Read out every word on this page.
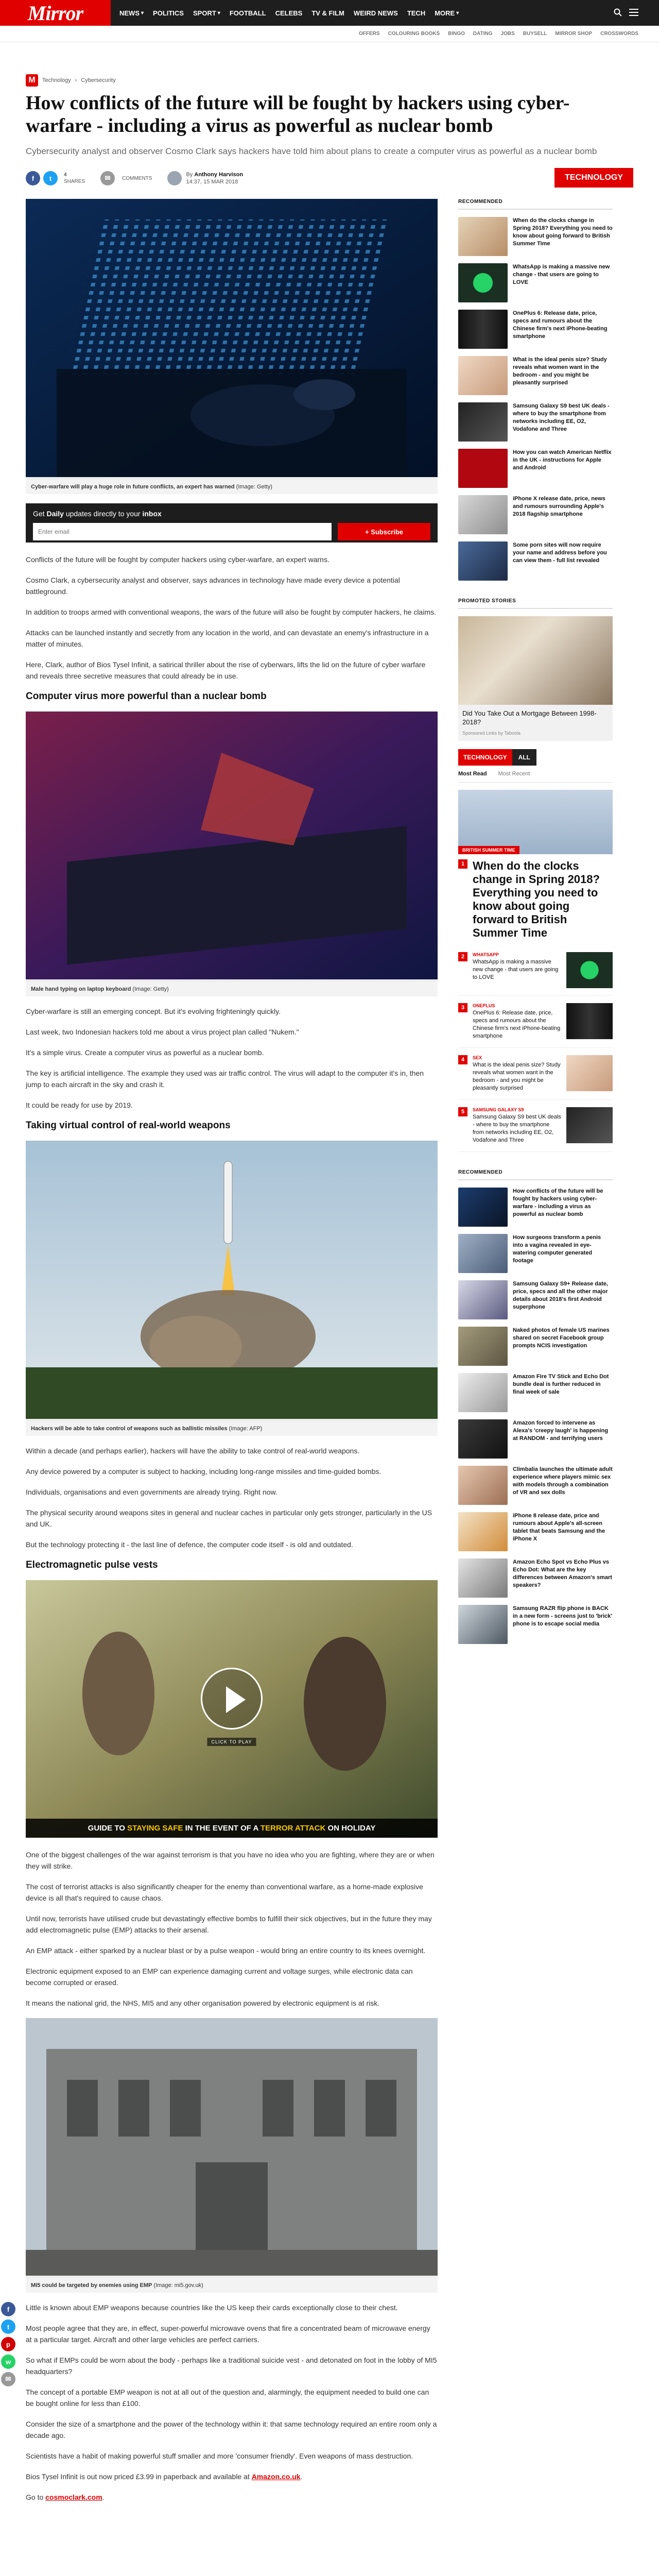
Mirror	NEWS ▾	POLITICS	SPORT ▾	FOOTBALL	CELEBS	TV & FILM	WEIRD NEWS	TECH	MORE ▾
OFFERS COLOURING BOOKS BINGO DATING JOBS BUYSELL MIRROR SHOP CROSSWORDS
M	Technology › Cybersecurity
How conflicts of the future will be fought by hackers using cyber-warfare - including a virus as powerful as nuclear bomb

Cybersecurity analyst and observer Cosmo Clark says hackers have told him about plans to create a computer virus as powerful as a nuclear bomb

f	t	4
SHARES	✉	COMMENTS
By Anthony Harvison
14:37, 15 MAR 2018	TECHNOLOGY
Cyber-warfare will play a huge role in future conflicts, an expert has warned (Image: Getty)
Get Daily updates directly to your inbox
Enter email
+ Subscribe

Conflicts of the future will be fought by computer hackers using cyber-warfare, an expert warns.

Cosmo Clark, a cybersecurity analyst and observer, says advances in technology have made every device a potential battleground.

In addition to troops armed with conventional weapons, the wars of the future will also be fought by computer hackers, he claims.

Attacks can be launched instantly and secretly from any location in the world, and can devastate an enemy's infrastructure in a matter of minutes.

Here, Clark, author of Bios Tysel Infinit, a satirical thriller about the rise of cyberwars, lifts the lid on the future of cyber warfare and reveals three secretive measures that could already be in use.

Computer virus more powerful than a nuclear bomb
Male hand typing on laptop keyboard (Image: Getty)

Cyber-warfare is still an emerging concept. But it's evolving frighteningly quickly.

Last week, two Indonesian hackers told me about a virus project plan called "Nukem."

It's a simple virus. Create a computer virus as powerful as a nuclear bomb.

The key is artificial intelligence. The example they used was air traffic control. The virus will adapt to the computer it's in, then jump to each aircraft in the sky and crash it.

It could be ready for use by 2019.

Taking virtual control of real-world weapons
Hackers will be able to take control of weapons such as ballistic missiles (Image: AFP)

Within a decade (and perhaps earlier), hackers will have the ability to take control of real-world weapons.

Any device powered by a computer is subject to hacking, including long-range missiles and time-guided bombs.

Individuals, organisations and even governments are already trying. Right now.

The physical security around weapons sites in general and nuclear caches in particular only gets stronger, particularly in the US and UK.

But the technology protecting it - the last line of defence, the computer code itself - is old and outdated.

Electromagnetic pulse vests
CLICK TO PLAY
GUIDE TO STAYING SAFE IN THE EVENT OF A TERROR ATTACK ON HOLIDAY

One of the biggest challenges of the war against terrorism is that you have no idea who you are fighting, where they are or when they will strike.

The cost of terrorist attacks is also significantly cheaper for the enemy than conventional warfare, as a home-made explosive device is all that's required to cause chaos.

Until now, terrorists have utilised crude but devastatingly effective bombs to fulfill their sick objectives, but in the future they may add electromagnetic pulse (EMP) attacks to their arsenal.

An EMP attack - either sparked by a nuclear blast or by a pulse weapon - would bring an entire country to its knees overnight.

Electronic equipment exposed to an EMP can experience damaging current and voltage surges, while electronic data can become corrupted or erased.

It means the national grid, the NHS, MI5 and any other organisation powered by electronic equipment is at risk.

MI5 could be targeted by enemies using EMP (Image: mi5.gov.uk)
f
t
p
w
✉

Little is known about EMP weapons because countries like the US keep their cards exceptionally close to their chest.

Most people agree that they are, in effect, super-powerful microwave ovens that fire a concentrated beam of microwave energy at a particular target. Aircraft and other large vehicles are perfect carriers.

So what if EMPs could be worn about the body - perhaps like a traditional suicide vest - and detonated on foot in the lobby of MI5 headquarters?

The concept of a portable EMP weapon is not at all out of the question and, alarmingly, the equipment needed to build one can be bought online for less than £100.

Consider the size of a smartphone and the power of the technology within it: that same technology required an entire room only a decade ago.

Scientists have a habit of making powerful stuff smaller and more 'consumer friendly'. Even weapons of mass destruction.

Bios Tysel Infinit is out now priced £3.99 in paperback and available at Amazon.co.uk.

Go to cosmoclark.com.

RECOMMENDED
When do the clocks change in Spring 2018? Everything you need to know about going forward to British Summer Time
WhatsApp is making a massive new change - that users are going to LOVE
OnePlus 6: Release date, price, specs and rumours about the Chinese firm's next iPhone-beating smartphone
What is the ideal penis size? Study reveals what women want in the bedroom - and you might be pleasantly surprised
Samsung Galaxy S9 best UK deals - where to buy the smartphone from networks including EE, O2, Vodafone and Three
How you can watch American Netflix in the UK - instructions for Apple and Android
iPhone X release date, price, news and rumours surrounding Apple's 2018 flagship smartphone
Some porn sites will now require your name and address before you can view them - full list revealed
PROMOTED STORIES
Did You Take Out a Mortgage Between 1998-2018?
Sponsored Links by Taboola
TECHNOLOGY	ALL
Most Read Most Recent
BRITISH SUMMER TIME
1 When do the clocks change in Spring 2018? Everything you need to know about going forward to British Summer Time
2	WHATSAPP
WhatsApp is making a massive new change - that users are going to LOVE
3	ONEPLUS
OnePlus 6: Release date, price, specs and rumours about the Chinese firm's next iPhone-beating smartphone
4	SEX
What is the ideal penis size? Study reveals what women want in the bedroom - and you might be pleasantly surprised
5	SAMSUNG GALAXY S9
Samsung Galaxy S9 best UK deals - where to buy the smartphone from networks including EE, O2, Vodafone and Three
RECOMMENDED
How conflicts of the future will be fought by hackers using cyber-warfare - including a virus as powerful as nuclear bomb
How surgeons transform a penis into a vagina revealed in eye-watering computer generated footage
Samsung Galaxy S9+ Release date, price, specs and all the other major details about 2018's first Android superphone
Naked photos of female US marines shared on secret Facebook group prompts NCIS investigation
Amazon Fire TV Stick and Echo Dot bundle deal is further reduced in final week of sale
Amazon forced to intervene as Alexa's 'creepy laugh' is happening at RANDOM - and terrifying users
Climbalia launches the ultimate adult experience where players mimic sex with models through a combination of VR and sex dolls
iPhone 8 release date, price and rumours about Apple's all-screen tablet that beats Samsung and the iPhone X
Amazon Echo Spot vs Echo Plus vs Echo Dot: What are the key differences between Amazon's smart speakers?
Samsung RAZR flip phone is BACK in a new form - screens just to 'brick' phone is to escape social media
